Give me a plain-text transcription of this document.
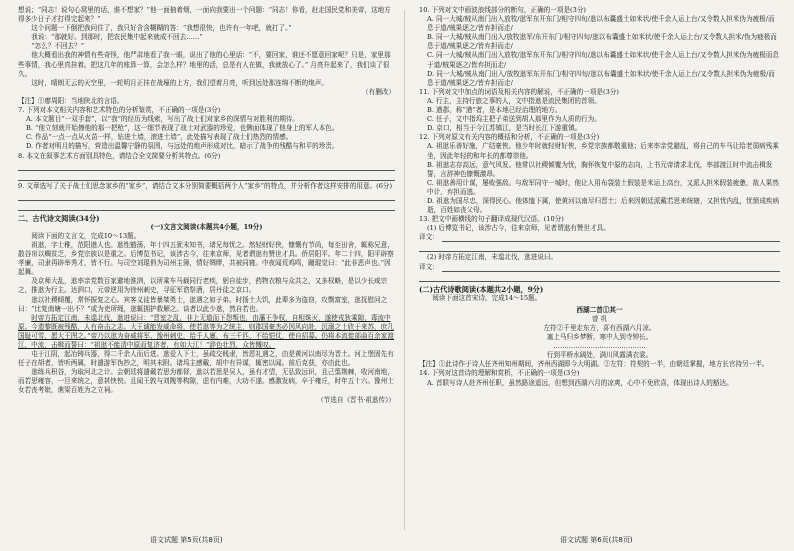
想说；“同志！说句心窝里的话，谁不想家？”他一面抽着烟，一面向我要出一个问题：“同志！你看，赶走国民党和美帝，这地方得多少日子才打得完起来？”

这个问题一下倒把我问住了，我只好含含糊糊的答：“我想很快，也许有一年吧，就打了。”

我说：“那就好。到那时，把农民集中起来就成不回去……”

“怎么？不回去？”

他大概看出我的神情有些奇怪，他严肃地看了我一眼，说出了他的心里话：“不，要回家，谁还不愿意回家呢？只是，家里那些事情，我心里真挂着。把这几年的账算一算，会怎么样？地里的活，总是有人在做，我就放心了。” 月亮升起来了，我们谈了很久。

这时，晴朗无云的天空里，一轮明月正挂在战壕的上方，我们望着月亮，听到远处那连绵不断的炮声。

（有删改）

【注】①廖周阳：当地陕北的言语。

7. 下列对本文相关内容和艺术特色的分析鉴赏，不正确的一项是(3分)

A. 本文题目“一双手套”，以“我”的经历为线索，写出了战士们对家乡的深情与对胜利的期待。

B. “他立刻就开始擦他的那一把枪”，这一细节表现了战士对武器的珍爱，也侧面体现了他身上的军人本色。

C. 作品“一点一点从火苗一样，钻进土墙，滚进土墙”，此处描写表现了战士们热烈的情感。

D. 作者对明月的描写，营造出温馨宁静的氛围，与远处的炮声形成对比，暗示了战争的残酷与和平的珍贵。

8. 本文在叙事艺术方面别具特色，请结合全文简要分析其特点。(6分)

9. 文章选写了关于战士们思念家乡的“家乡”，请结合文本分别简要概括两个人“家乡”的特点，并分析作者这样安排的用意。(6分)

二、古代诗文阅读(34分)

(一)文言文阅读(本题共4小题，19分)

阅读下面的文言文，完成10～13题。

祖逖，字士稚，范阳遒人也。逖性豁荡，年十四五犹未知书，诸兄每忧之。然轻财好侠，慷慨有节尚，每至田舍，辄称兄意，散谷帛以赒贫乏，乡党宗族以是重之。后博览书记，该涉古今，往来京师，见者谓逖有赞世才具。侨居阳平。年二十四，阳平辟察孝廉，司隶再辟举秀才，皆不行。与司空刘琨俱为司州主簿，情好绸缪，共被同寝。中夜闻荒鸡鸣，蹴琨觉曰：“此非恶声也。”因起舞。

及京师大乱，逖率亲党数百家避地淮泗，以所乘车马载同行老疾，躬自徒步，药物衣粮与众共之，又多权略，是以少长咸宗之，推逖为行主。达泗口，元帝逆用为徐州刺史，寻征军谘祭酒，居丹徒之京口。

逖以社稷倾覆，常怀振复之心。宾客义徒皆暴桀勇士，逖遇之如子弟。时扬土大饥，此辈多为盗窃，攻剽富室，逖抚慰问之曰：“比复南塘一出不？”或为吏所绳，逖辄拥护救解之。谈者以此少逖，然自若也。

时帝方拓定江南，未遑北伐，逖进说曰：“晋室之乱，非上无道而下怨叛也，由藩王争权，自相诛灭，遂使戎狄乘隙，毒流中原。今遗黎既被残酷，人有奋击之志。大王诚能发威命将，使若逖等为之统主，则郡国豪杰必因风向赴，沉溺之士欣于来苏，庶几国耻可雪，愿大王图之。”帝乃以逖为奋威将军、豫州刺史，给千人廪，布三千匹，不给铠仗，使自招募。仍将本流徙部曲百余家渡江，中流，击楫而誓曰：“祖逖不能清中原而复济者，有如大江！”辞色壮烈，众皆慨叹。

屯于江阴，起冶铸兵器，得二千余人而后进。逖爱人下士，虽疏交贱隶，皆恩礼遇之，由是黄河以南尽为晋土。河上堡固先有任子在胡者，皆听两属，时遣游军伪抄之，明其未附。诸坞主感戴，胡中有异谋，辄密以闻。前后克获，亦由此也。

逖练兵积谷，为取河北之计。会朝廷将遣戴若思为都督，逖以若思是吴人，虽有才望，无弘致远识，且己翦荆棘，收河南地，而若思雍容，一旦来统之，意甚怏怏。且闻王敦与刘隗等构隙，虑有内难，大功不遂。感激发病，卒于雍丘，时年五十六。豫州士女若丧考妣，谯梁百姓为之立祠。

（节选自《晋书·祖逖传》）

10. 下列对文中画波浪线部分的断句，正确的一项是(3分)

A. 同一大城/贼从南门出入放牧/逖军东开东门/相守四旬/逖以布囊盛土如米状/使千余人运上台/又令数人担米伪为疲极/而息于道/贼果逐之/皆弃担而走/

B. 同一大城/贼从南门出入/放牧逖军/东开东门/相守四旬/逖以布囊盛土如米状/使千余人运上台/又令数人担米/伪为疲极而息于道/贼果逐之/皆弃担而走/

C. 同一大城/贼从南门出入放牧/逖军东开东门/相守四旬/逖以布囊盛土如米状/使千余人运上台/又令数人担米伪为疲极而息于道/贼果逐之/皆弃担而走/

D. 同一大城/贼从南门出入/放牧逖军东开东门/相守四旬/逖以布囊盛土如米状/使千余人运上台/又令数人担米伪为疲极/而息于道/贼果逐之/皆弃担而走/

11. 下列对文中加点的词语及相关内容的解说，不正确的一项是(3分)

A. 行主，主持行旅之事的人，文中指逖是流民集团的首领。

B. 遒郡，称“遒”者，是本地已经治理的地方。

C. 任子，文中指坞主把子弟送到胡人那里作为人质的行为。

D. 京口，相当于今江苏镇江，是当时长江下游重镇。

12. 下列对原文有关内容的概括和分析，不正确的一项是(3分)

A. 祖逖乐善好施，广结豪侠。他少年时就轻财好侠，乡党宗族都敬重他；后来率亲党避乱，将自己的车马让给老弱病残乘坐，因此年轻的和年长的都尊崇他。

B. 祖逖志存高远，意气风发。他常以社稷倾覆为忧，胸怀恢复中原的志向，上书元帝请求北伐，率部渡江时中流击楫发誓，言辞神色慷慨激昂。

C. 祖逖善用计谋，屡败强敌。与敌军同守一城时，他让人用布袋装土假装是米运上高台，又派人担米假装疲惫，敌人果然中计，弃担而逃。

D. 祖逖为国尽忠，深得民心。他体恤下属，使黄河以南尽归晋土；后来因朝廷派戴若思来统辖，又担忧内乱，忧愤成疾病逝，百姓如丧父母。

13. 把文中画横线的句子翻译成现代汉语。(10分)

(1) 后博览书记，该涉古今，往来京师，见者谓逖有赞世才具。

译文：

(2) 时帝方拓定江南，未遑北伐，逖进说曰。

译文：

(二)古代诗歌阅读(本题共2小题，9分)

阅读下面这首宋诗，完成14～15题。

西湖二首①其一

曾 巩

左符②千里走东方，喜有西湖六月凉。

塞上马归乡梦断，寒中人到寺钟长。

……………………………………

行到平桥水阔处，满川风露满衣裳。

【注】①此诗作于诗人任齐州知州期间，齐州西湖即今大明湖。②左符：符契的一半，由朝廷掌握，地方长官持另一半。

14. 下列对这首诗的理解和赏析，不正确的一项是(3分)

A. 首联写诗人赴齐州任职，虽然路途遥远，但想到西湖六月的凉爽，心中不免欣喜，体现出诗人的豁达。

语文试题 第5页(共8页)	语文试题 第6页(共8页)
